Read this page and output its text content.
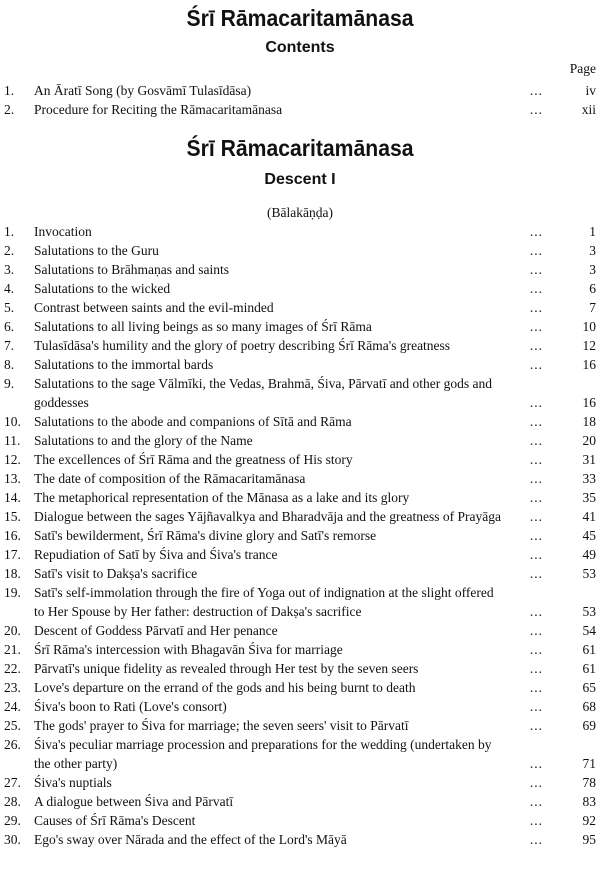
Śrī Rāmacaritamānasa
Contents
Page
1. An Āratī Song (by Gosvāmī Tulasīdāsa)	...	iv
2. Procedure for Reciting the Rāmacaritamānasa	...	xii
Śrī Rāmacaritamānasa
Descent I
(Bālakāṇḍa)
1. Invocation	...	1
2. Salutations to the Guru	...	3
3. Salutations to Brāhmaṇas and saints	...	3
4. Salutations to the wicked	...	6
5. Contrast between saints and the evil-minded	...	7
6. Salutations to all living beings as so many images of Śrī Rāma	...	10
7. Tulasīdāsa's humility and the glory of poetry describing Śrī Rāma's greatness	...	12
8. Salutations to the immortal bards	...	16
9. Salutations to the sage Vālmīki, the Vedas, Brahmā, Śiva, Pārvatī and other gods and goddesses	...	16
10. Salutations to the abode and companions of Sītā and Rāma	...	18
11. Salutations to and the glory of the Name	...	20
12. The excellences of Śrī Rāma and the greatness of His story	...	31
13. The date of composition of the Rāmacaritamānasa	...	33
14. The metaphorical representation of the Mānasa as a lake and its glory	...	35
15. Dialogue between the sages Yājñavalkya and Bharadvāja and the greatness of Prayāga	...	41
16. Satī's bewilderment, Śrī Rāma's divine glory and Satī's remorse	...	45
17. Repudiation of Satī by Śiva and Śiva's trance	...	49
18. Satī's visit to Dakṣa's sacrifice	...	53
19. Satī's self-immolation through the fire of Yoga out of indignation at the slight offered to Her Spouse by Her father: destruction of Dakṣa's sacrifice	...	53
20. Descent of Goddess Pārvatī and Her penance	...	54
21. Śrī Rāma's intercession with Bhagavān Śiva for marriage	...	61
22. Pārvatī's unique fidelity as revealed through Her test by the seven seers	...	61
23. Love's departure on the errand of the gods and his being burnt to death	...	65
24. Śiva's boon to Rati (Love's consort)	...	68
25. The gods' prayer to Śiva for marriage; the seven seers' visit to Pārvatī	...	69
26. Śiva's peculiar marriage procession and preparations for the wedding (undertaken by the other party)	...	71
27. Śiva's nuptials	...	78
28. A dialogue between Śiva and Pārvatī	...	83
29. Causes of Śrī Rāma's Descent	...	92
30. Ego's sway over Nārada and the effect of the Lord's Māyā	...	95
